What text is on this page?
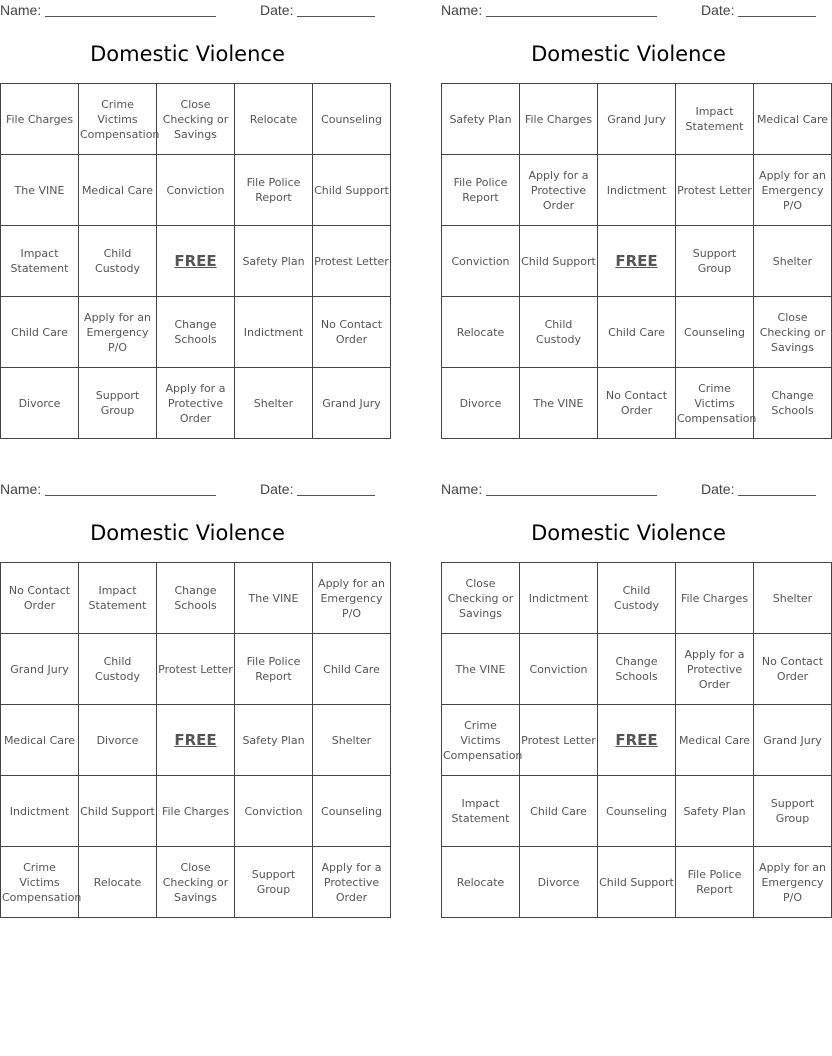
Name:	Date:
Domestic Violence
File Charges	Crime Victims Compensation	Close Checking or Savings	Relocate	Counseling
The VINE	Medical Care	Conviction	File Police Report	Child Support
Impact Statement	Child Custody	FREE	Safety Plan	Protest Letter
Child Care	Apply for an Emergency P/O	Change Schools	Indictment	No Contact Order
Divorce	Support Group	Apply for a Protective Order	Shelter	Grand Jury
Name:	Date:
Domestic Violence
Safety Plan	File Charges	Grand Jury	Impact Statement	Medical Care
File Police Report	Apply for a Protective Order	Indictment	Protest Letter	Apply for an Emergency P/O
Conviction	Child Support	FREE	Support Group	Shelter
Relocate	Child Custody	Child Care	Counseling	Close Checking or Savings
Divorce	The VINE	No Contact Order	Crime Victims Compensation	Change Schools
Name:	Date:
Domestic Violence
No Contact Order	Impact Statement	Change Schools	The VINE	Apply for an Emergency P/O
Grand Jury	Child Custody	Protest Letter	File Police Report	Child Care
Medical Care	Divorce	FREE	Safety Plan	Shelter
Indictment	Child Support	File Charges	Conviction	Counseling
Crime Victims Compensation	Relocate	Close Checking or Savings	Support Group	Apply for a Protective Order
Name:	Date:
Domestic Violence
Close Checking or Savings	Indictment	Child Custody	File Charges	Shelter
The VINE	Conviction	Change Schools	Apply for a Protective Order	No Contact Order
Crime Victims Compensation	Protest Letter	FREE	Medical Care	Grand Jury
Impact Statement	Child Care	Counseling	Safety Plan	Support Group
Relocate	Divorce	Child Support	File Police Report	Apply for an Emergency P/O
